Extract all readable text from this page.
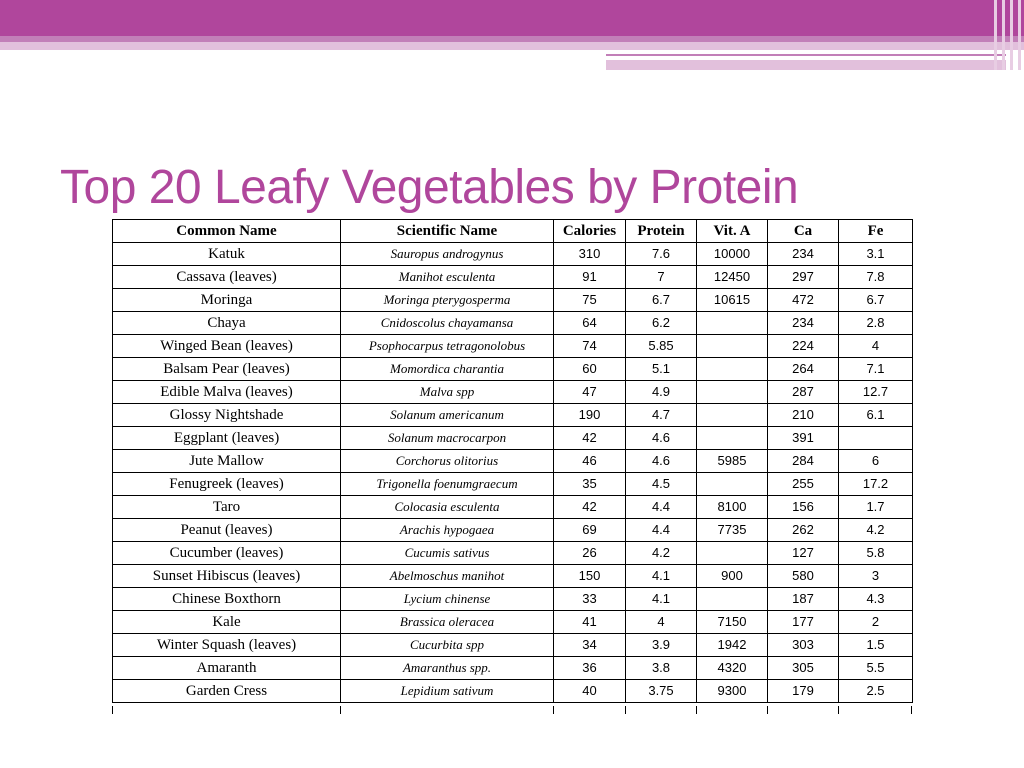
Top 20 Leafy Vegetables by Protein
Common Name	Scientific Name	Calories	Protein	Vit. A	Ca	Fe
Katuk	Sauropus androgynus	310	7.6	10000	234	3.1
Cassava (leaves)	Manihot esculenta	91	7	12450	297	7.8
Moringa	Moringa pterygosperma	75	6.7	10615	472	6.7
Chaya	Cnidoscolus chayamansa	64	6.2		234	2.8
Winged Bean (leaves)	Psophocarpus tetragonolobus	74	5.85		224	4
Balsam Pear (leaves)	Momordica charantia	60	5.1		264	7.1
Edible Malva (leaves)	Malva spp	47	4.9		287	12.7
Glossy Nightshade	Solanum americanum	190	4.7		210	6.1
Eggplant (leaves)	Solanum macrocarpon	42	4.6		391	
Jute Mallow	Corchorus olitorius	46	4.6	5985	284	6
Fenugreek (leaves)	Trigonella foenumgraecum	35	4.5		255	17.2
Taro	Colocasia esculenta	42	4.4	8100	156	1.7
Peanut (leaves)	Arachis hypogaea	69	4.4	7735	262	4.2
Cucumber (leaves)	Cucumis sativus	26	4.2		127	5.8
Sunset Hibiscus (leaves)	Abelmoschus manihot	150	4.1	900	580	3
Chinese Boxthorn	Lycium chinense	33	4.1		187	4.3
Kale	Brassica oleracea	41	4	7150	177	2
Winter Squash (leaves)	Cucurbita spp	34	3.9	1942	303	1.5
Amaranth	Amaranthus spp.	36	3.8	4320	305	5.5
Garden Cress	Lepidium sativum	40	3.75	9300	179	2.5
